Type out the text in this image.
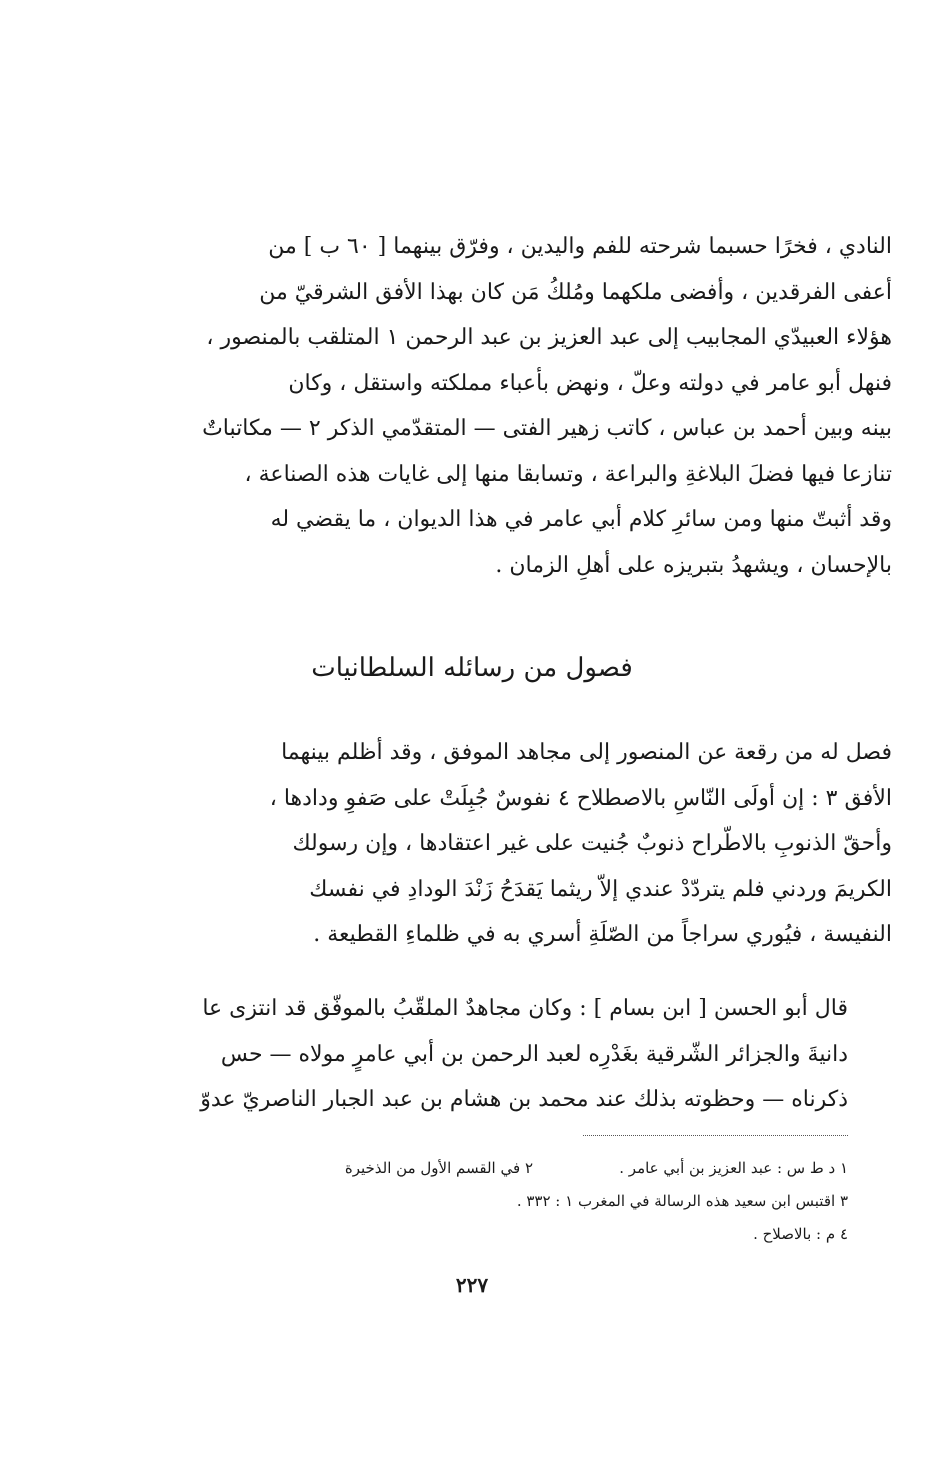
النادي ، فخرًا حسبما شرحته للفم واليدين ، وفرّق بينهما [ ٦٠ ب ] من
أعفى الفرقدين ، وأفضى ملكهما ومُلكُ مَن كان بهذا الأفق الشرقيّ من
هؤلاء العبيدّي المجابيب إلى عبد العزيز بن عبد الرحمن ١ المتلقب بالمنصور ،
فنهل أبو عامر في دولته وعلّ ، ونهض بأعباء مملكته واستقل ، وكان
بينه وبين أحمد بن عباس ، كاتب زهير الفتى — المتقدّمي الذكر ٢ — مكاتباتٌ
تنازعا فيها فضلَ البلاغةِ والبراعة ، وتسابقا منها إلى غايات هذه الصناعة ،
وقد أثبتّ منها ومن سائرِ كلام أبي عامر في هذا الديوان ، ما يقضي له
بالإحسان ، ويشهدُ بتبريزه على أهلِ الزمان .
فصول من رسائله السلطانيات
فصل له من رقعة عن المنصور إلى مجاهد الموفق ، وقد أظلم بينهما
الأفق ٣ : إن أولَى النّاسِ بالاصطلاح ٤ نفوسٌ جُبِلَتْ على صَفوِ ودادها ،
وأحقّ الذنوبِ بالاطّراح ذنوبٌ جُنيت على غير اعتقادها ، وإن رسولك
الكريمَ وردني فلم يتردّدْ عندي إلاّ ريثما يَقدَحُ زَنْدَ الودادِ في نفسك
النفيسة ، فيُوري سراجاً من الصّلَةِ أسري به في ظلماءِ القطيعة .
قال أبو الحسن [ ابن بسام ] : وكان مجاهدٌ الملقّبُ بالموفّق قد انتزى عا
دانيةَ والجزائر الشّرقية بغَدْرِه لعبد الرحمن بن أبي عامرٍ مولاه — حس
ذكرناه — وحظوته بذلك عند محمد بن هشام بن عبد الجبار الناصريّ عدوّ
١ د ط س : عبد العزيز بن أبي عامر .
٢ في القسم الأول من الذخيرة
٣ اقتبس ابن سعيد هذه الرسالة في المغرب ١ : ٣٣٢ .
٤ م : بالاصلاح .
٢٢٧
